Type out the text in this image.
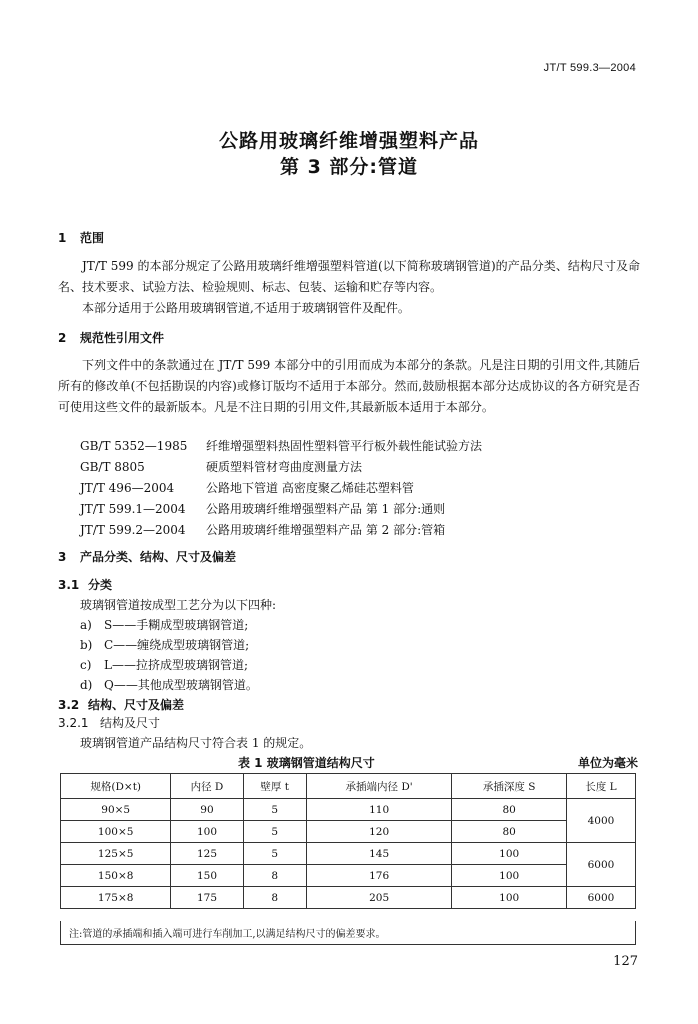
JT/T 599.3—2004
公路用玻璃纤维增强塑料产品
第 3 部分:管道
1 范围
JT/T 599 的本部分规定了公路用玻璃纤维增强塑料管道(以下简称玻璃钢管道)的产品分类、结构尺寸及命名、技术要求、试验方法、检验规则、标志、包装、运输和贮存等内容。
本部分适用于公路用玻璃钢管道,不适用于玻璃钢管件及配件。
2 规范性引用文件
下列文件中的条款通过在 JT/T 599 本部分中的引用而成为本部分的条款。凡是注日期的引用文件,其随后所有的修改单(不包括勘误的内容)或修订版均不适用于本部分。然而,鼓励根据本部分达成协议的各方研究是否可使用这些文件的最新版本。凡是不注日期的引用文件,其最新版本适用于本部分。
GB/T 5352—1985 纤维增强塑料热固性塑料管平行板外载性能试验方法
GB/T 8805	硬质塑料管材弯曲度测量方法
JT/T 496—2004	公路地下管道 高密度聚乙烯硅芯塑料管
JT/T 599.1—2004 公路用玻璃纤维增强塑料产品 第 1 部分:通则
JT/T 599.2—2004 公路用玻璃纤维增强塑料产品 第 2 部分:管箱
3 产品分类、结构、尺寸及偏差
3.1 分类
玻璃钢管道按成型工艺分为以下四种:
a) S——手糊成型玻璃钢管道;
b) C——缠绕成型玻璃钢管道;
c) L——拉挤成型玻璃钢管道;
d) Q——其他成型玻璃钢管道。
3.2 结构、尺寸及偏差
3.2.1 结构及尺寸
玻璃钢管道产品结构尺寸符合表 1 的规定。
表 1 玻璃钢管道结构尺寸	单位为毫米
规格(D×t)	内径 D	壁厚 t	承插端内径 D'	承插深度 S	长度 L
90×5	90	5	110	80	4000
100×5	100	5	120	80	
125×5	125	5	145	100	6000
150×8	150	8	176	100	
175×8	175	8	205	100	6000
注:管道的承插端和插入端可进行车削加工,以满足结构尺寸的偏差要求。
127
